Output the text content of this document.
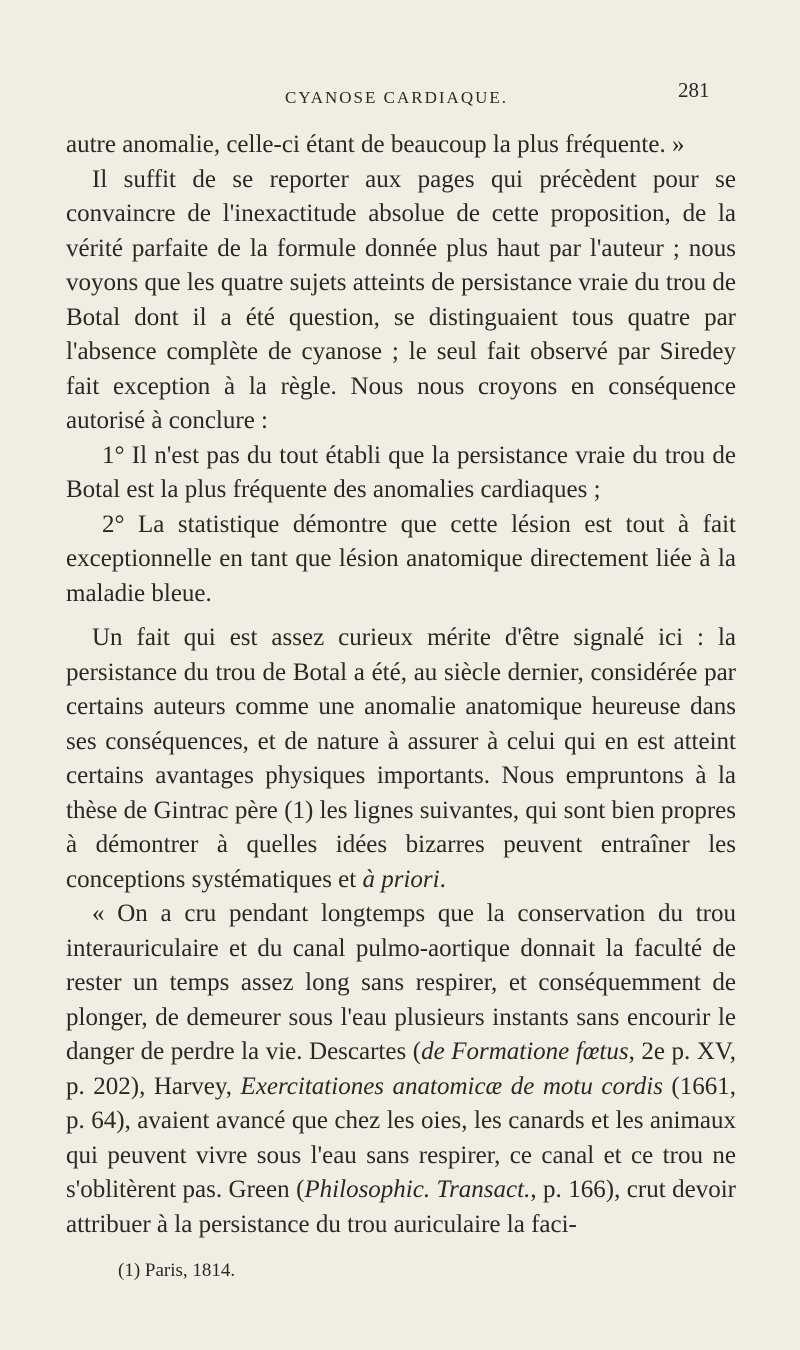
CYANOSE CARDIAQUE.	281

autre anomalie, celle-ci étant de beaucoup la plus fréquente. »

Il suffit de se reporter aux pages qui précèdent pour se convaincre de l'inexactitude absolue de cette proposition, de la vérité parfaite de la formule donnée plus haut par l'auteur ; nous voyons que les quatre sujets atteints de persistance vraie du trou de Botal dont il a été question, se distinguaient tous quatre par l'absence complète de cyanose ; le seul fait observé par Siredey fait exception à la règle. Nous nous croyons en conséquence autorisé à conclure :

1° Il n'est pas du tout établi que la persistance vraie du trou de Botal est la plus fréquente des anomalies cardiaques ;

2° La statistique démontre que cette lésion est tout à fait exceptionnelle en tant que lésion anatomique directement liée à la maladie bleue.

Un fait qui est assez curieux mérite d'être signalé ici : la persistance du trou de Botal a été, au siècle dernier, considérée par certains auteurs comme une anomalie anatomique heureuse dans ses conséquences, et de nature à assurer à celui qui en est atteint certains avantages physiques importants. Nous empruntons à la thèse de Gintrac père (1) les lignes suivantes, qui sont bien propres à démontrer à quelles idées bizarres peuvent entraîner les conceptions systématiques et à priori.

« On a cru pendant longtemps que la conservation du trou interauriculaire et du canal pulmo-aortique donnait la faculté de rester un temps assez long sans respirer, et conséquemment de plonger, de demeurer sous l'eau plusieurs instants sans encourir le danger de perdre la vie. Descartes (de Formatione fœtus, 2e p. XV, p. 202), Harvey, Exercitationes anatomicæ de motu cordis (1661, p. 64), avaient avancé que chez les oies, les canards et les animaux qui peuvent vivre sous l'eau sans respirer, ce canal et ce trou ne s'oblitèrent pas. Green (Philosophic. Transact., p. 166), crut devoir attribuer à la persistance du trou auriculaire la faci-

(1) Paris, 1814.
